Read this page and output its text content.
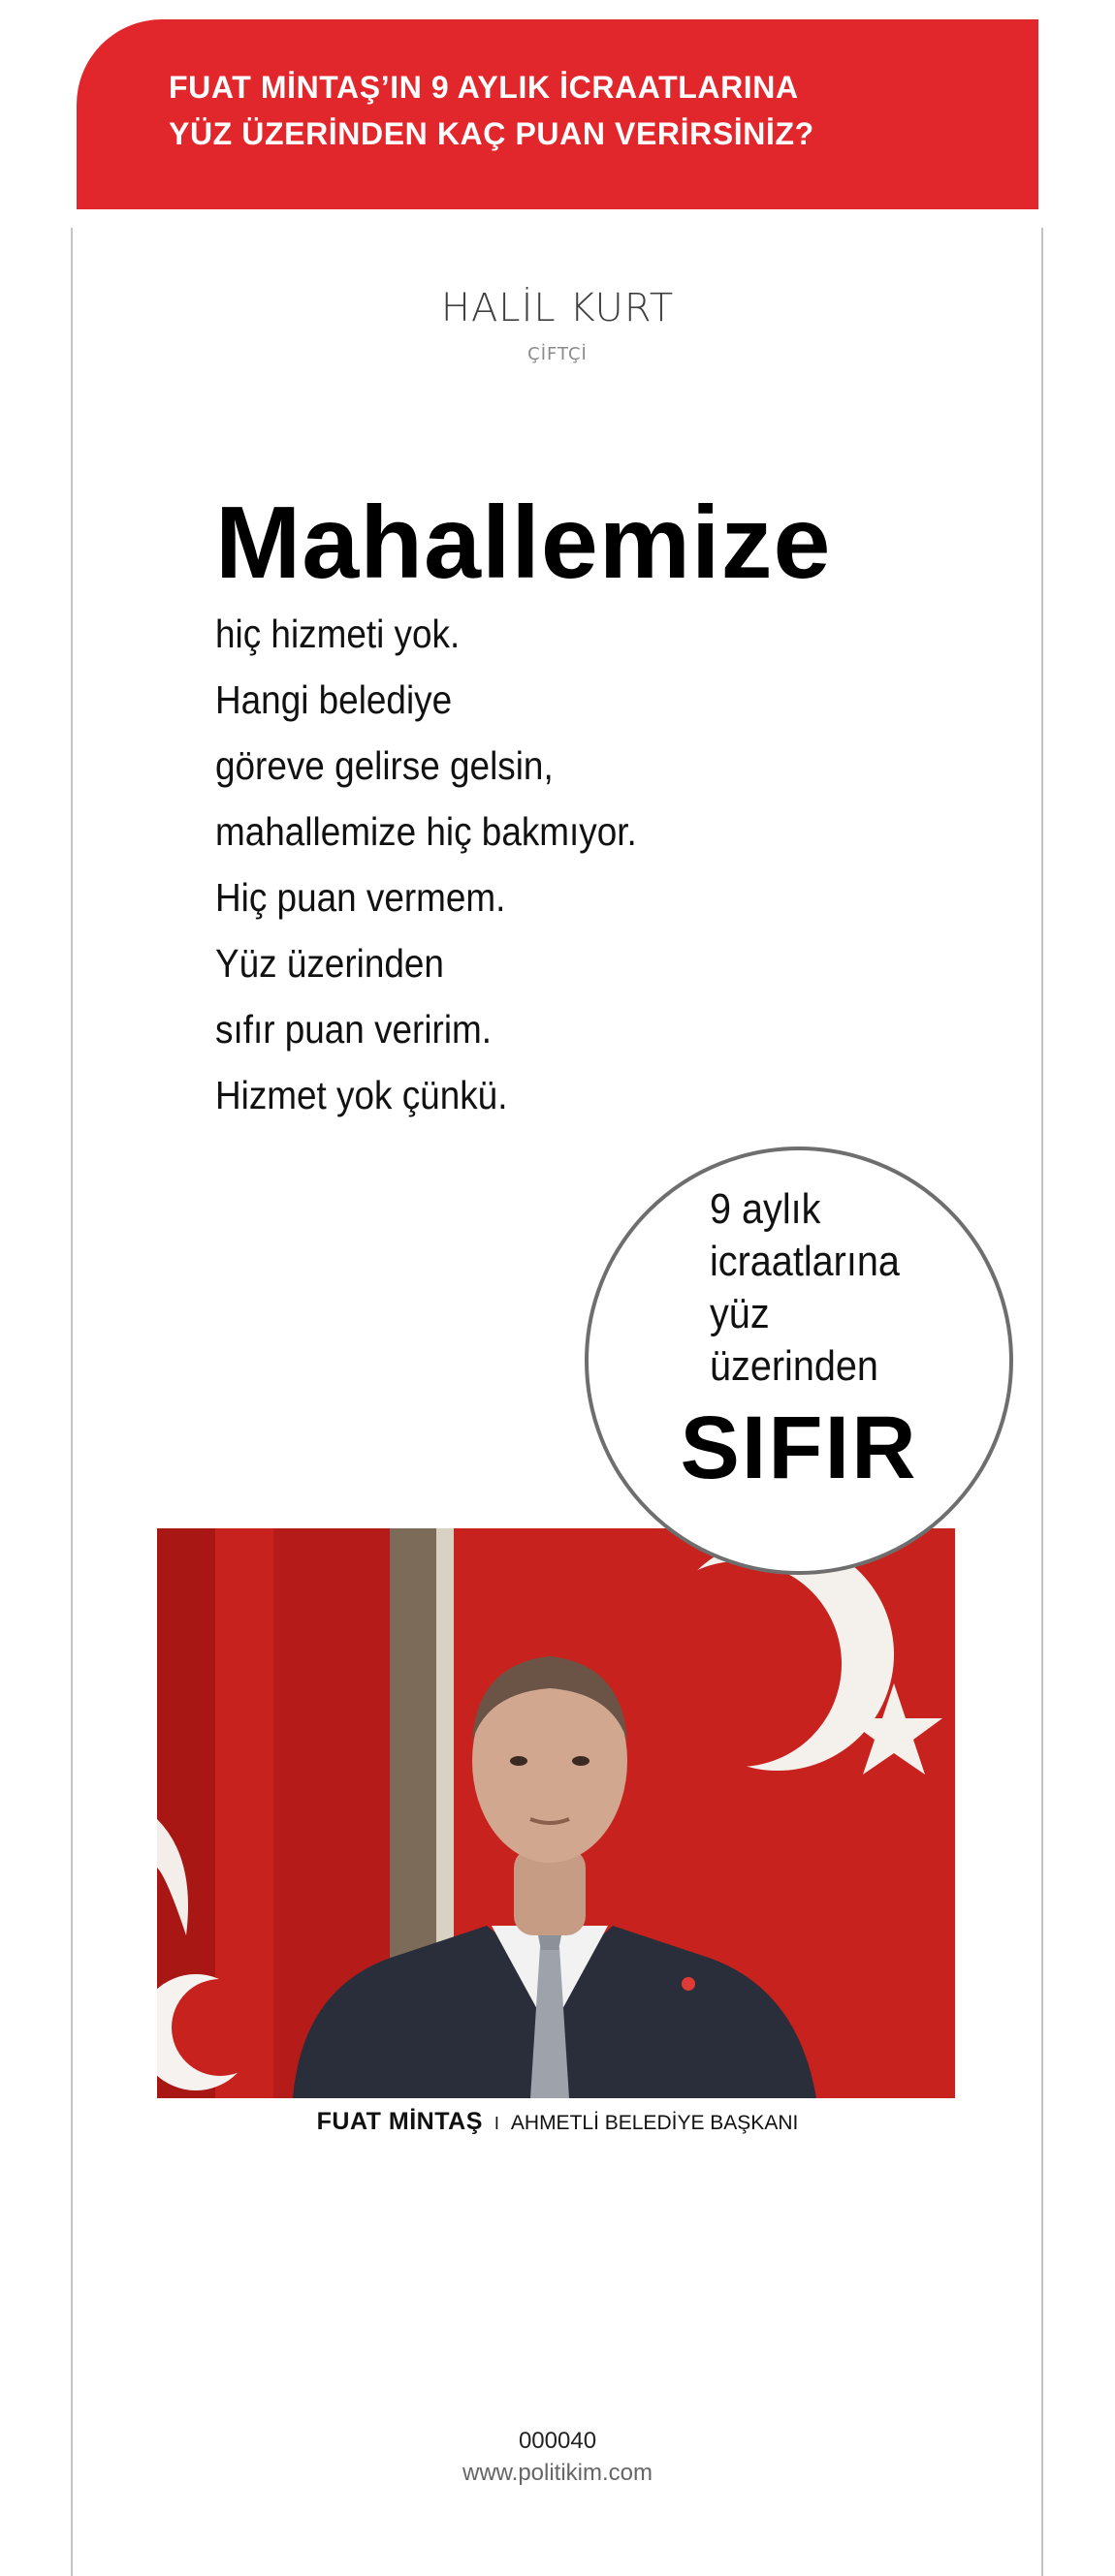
FUAT MİNTAŞ’IN 9 AYLIK İCRAATLARINA
YÜZ ÜZERİNDEN KAÇ PUAN VERİRSİNİZ?
HALİL KURT
ÇİFTÇİ
Mahallemize
hiç hizmeti yok.
Hangi belediye
göreve gelirse gelsin,
mahallemize hiç bakmıyor.
Hiç puan vermem.
Yüz üzerinden
sıfır puan veririm.
Hizmet yok çünkü.
9 aylık
icraatlarına
yüz
üzerinden
SIFIR
FUAT MİNTAŞ I AHMETLİ BELEDİYE BAŞKANI
000040
www.politikim.com
